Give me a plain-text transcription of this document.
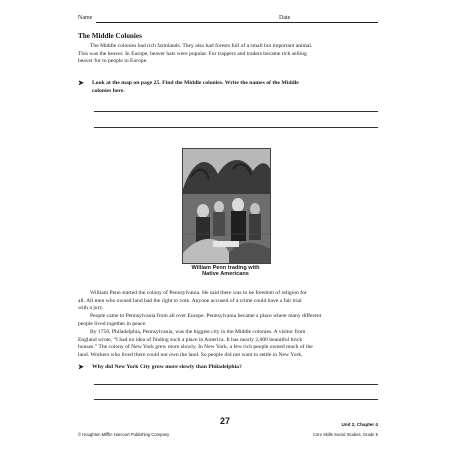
Name	Date
The Middle Colonies
The Middle colonies had rich farmlands. They also had forests full of a small but important animal.
This was the beaver. In Europe, beaver hats were popular. Fur trappers and traders became rich selling
beaver fur to people in Europe.
➤	Look at the map on page 25. Find the Middle colonies. Write the names of the Middle
colonies here.
William Penn trading with
Native Americans
William Penn started the colony of Pennsylvania. He said there was to be freedom of religion for
all. All men who owned land had the right to vote. Anyone accused of a crime could have a fair trial
with a jury.
People came to Pennsylvania from all over Europe. Pennsylvania became a place where many different
people lived together in peace.
By 1750, Philadelphia, Pennsylvania, was the biggest city in the Middle colonies. A visitor from
England wrote, “I had no idea of finding such a place in America. It has nearly 2,000 beautiful brick
houses.” The colony of New York grew more slowly. In New York, a few rich people owned much of the
land. Workers who lived there could not own the land. So people did not want to settle in New York.
➤	Why did New York City grow more slowly than Philadelphia?
27
© Houghton Mifflin Harcourt Publishing Company
Unit 2, Chapter 4
Core Skills Social Studies, Grade 5
